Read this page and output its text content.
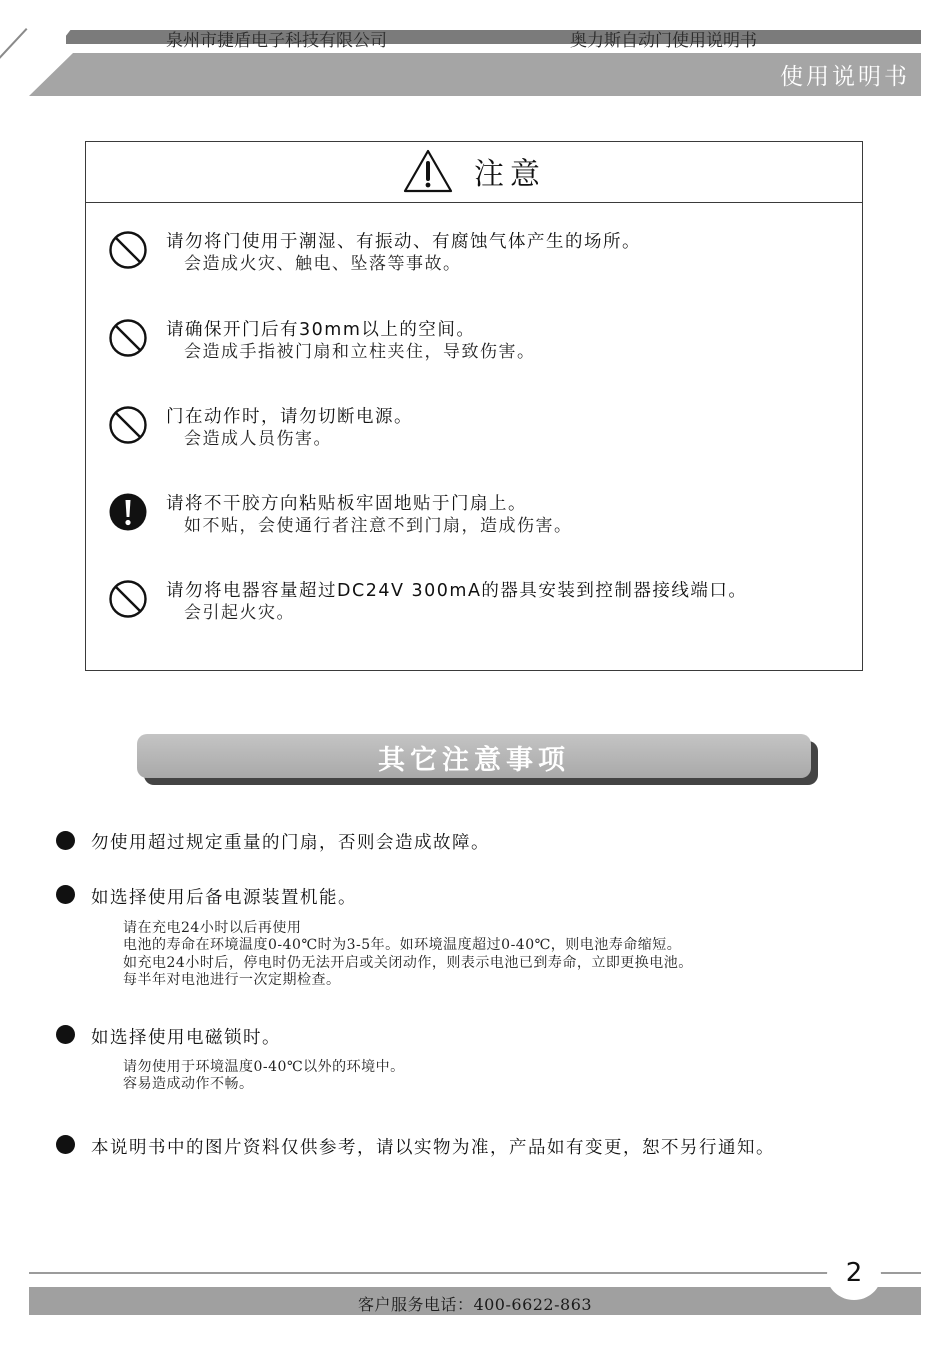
泉州市捷盾电子科技有限公司	奥力斯自动门使用说明书
使用说明书
注意
请勿将门使用于潮湿、有振动、有腐蚀气体产生的场所。
会造成火灾、触电、坠落等事故。
请确保开门后有30mm以上的空间。
会造成手指被门扇和立柱夹住，导致伤害。
门在动作时，请勿切断电源。
会造成人员伤害。
请将不干胶方向粘贴板牢固地贴于门扇上。
如不贴，会使通行者注意不到门扇，造成伤害。
请勿将电器容量超过DC24V 300mA的器具安装到控制器接线端口。
会引起火灾。
其它注意事项
勿使用超过规定重量的门扇，否则会造成故障。
如选择使用后备电源装置机能。
请在充电24小时以后再使用
电池的寿命在环境温度0-40℃时为3-5年。如环境温度超过0-40℃，则电池寿命缩短。
如充电24小时后，停电时仍无法开启或关闭动作，则表示电池已到寿命，立即更换电池。
每半年对电池进行一次定期检查。
如选择使用电磁锁时。
请勿使用于环境温度0-40℃以外的环境中。
容易造成动作不畅。
本说明书中的图片资料仅供参考，请以实物为准，产品如有变更，恕不另行通知。
2
客户服务电话：400-6622-863
